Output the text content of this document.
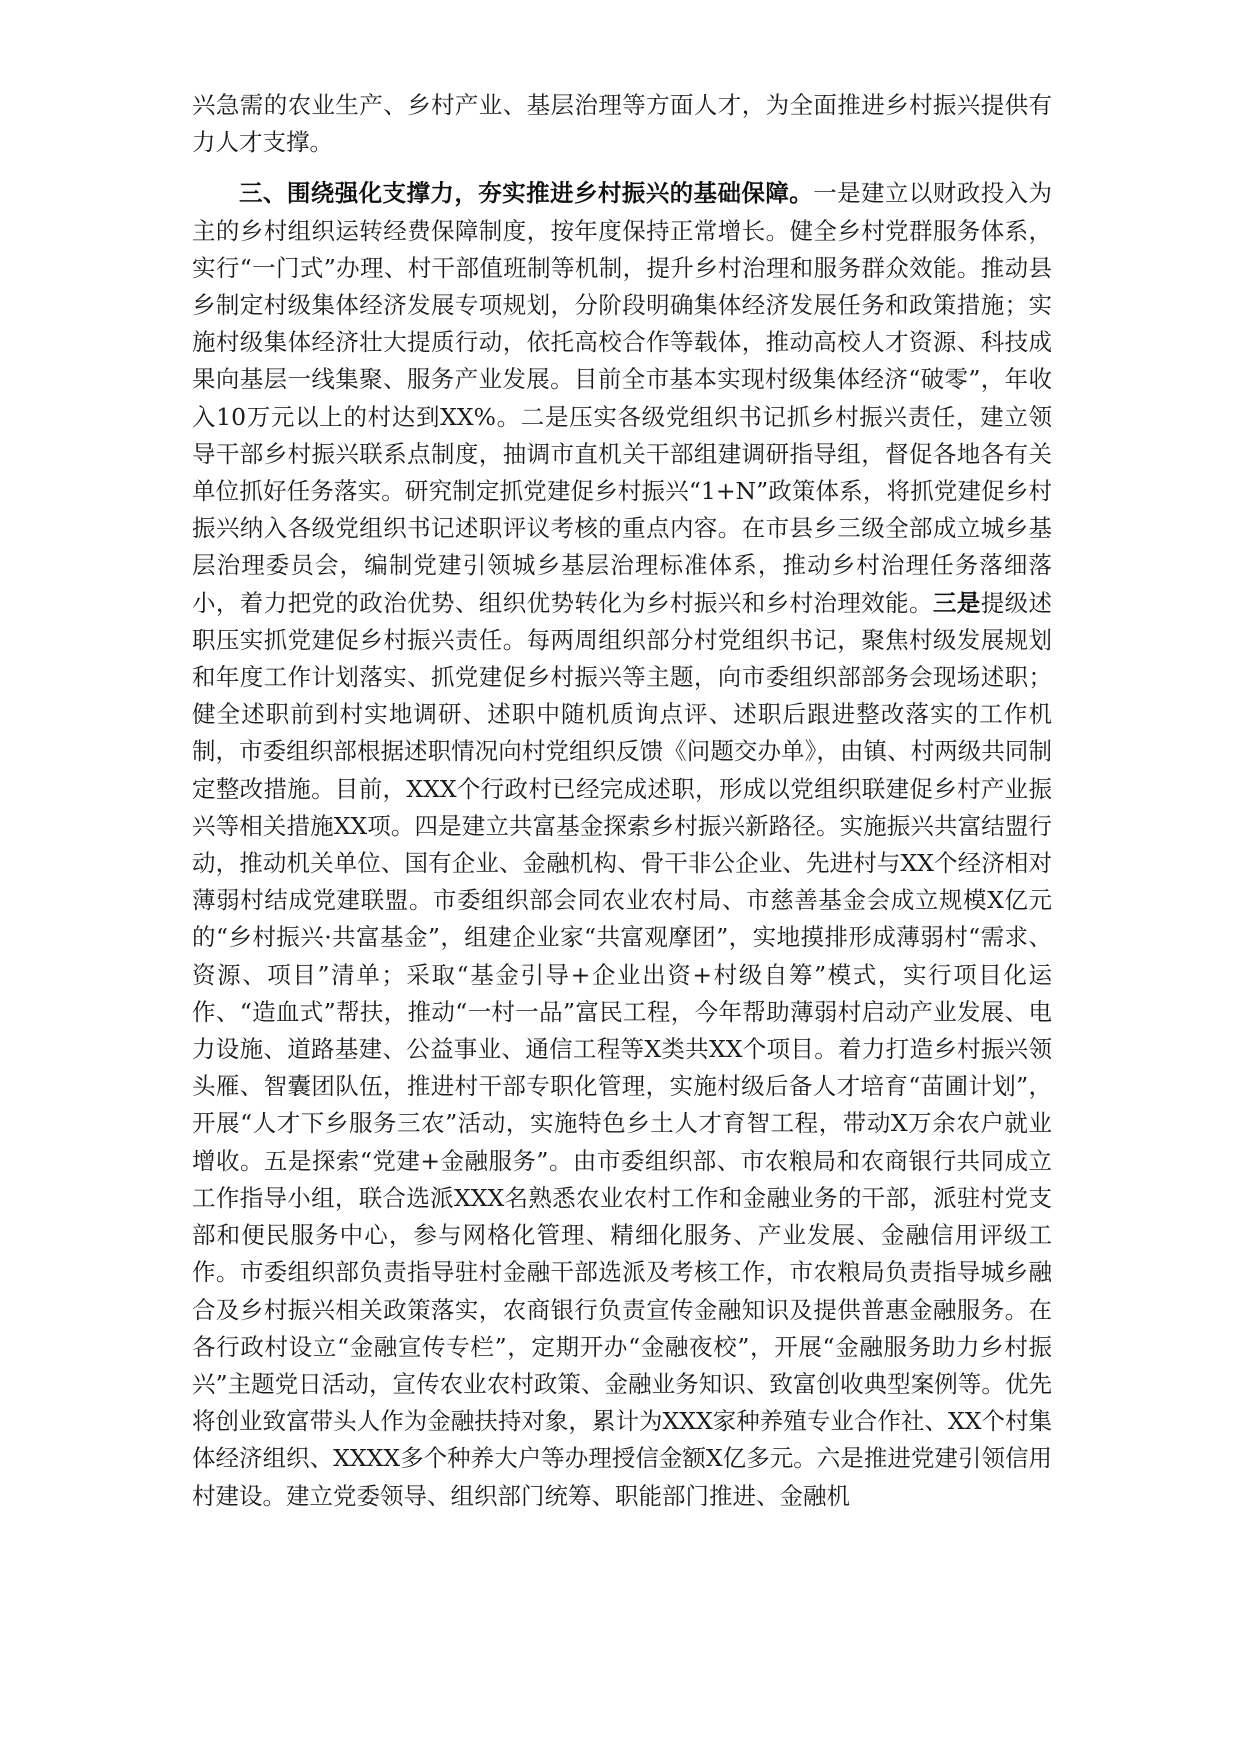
兴急需的农业生产、乡村产业、基层治理等方面人才，为全面推进乡村振兴提供有力人才支撑。

三、围绕强化支撑力，夯实推进乡村振兴的基础保障。一是建立以财政投入为主的乡村组织运转经费保障制度，按年度保持正常增长。健全乡村党群服务体系，实行“一门式”办理、村干部值班制等机制，提升乡村治理和服务群众效能。推动县乡制定村级集体经济发展专项规划，分阶段明确集体经济发展任务和政策措施；实施村级集体经济壮大提质行动，依托高校合作等载体，推动高校人才资源、科技成果向基层一线集聚、服务产业发展。目前全市基本实现村级集体经济“破零”，年收入10万元以上的村达到XX%。二是压实各级党组织书记抓乡村振兴责任，建立领导干部乡村振兴联系点制度，抽调市直机关干部组建调研指导组，督促各地各有关单位抓好任务落实。研究制定抓党建促乡村振兴“1+N”政策体系，将抓党建促乡村振兴纳入各级党组织书记述职评议考核的重点内容。在市县乡三级全部成立城乡基层治理委员会，编制党建引领城乡基层治理标准体系，推动乡村治理任务落细落小，着力把党的政治优势、组织优势转化为乡村振兴和乡村治理效能。三是提级述职压实抓党建促乡村振兴责任。每两周组织部分村党组织书记，聚焦村级发展规划和年度工作计划落实、抓党建促乡村振兴等主题，向市委组织部部务会现场述职；健全述职前到村实地调研、述职中随机质询点评、述职后跟进整改落实的工作机制，市委组织部根据述职情况向村党组织反馈《问题交办单》，由镇、村两级共同制定整改措施。目前，XXX个行政村已经完成述职，形成以党组织联建促乡村产业振兴等相关措施XX项。四是建立共富基金探索乡村振兴新路径。实施振兴共富结盟行动，推动机关单位、国有企业、金融机构、骨干非公企业、先进村与XX个经济相对薄弱村结成党建联盟。市委组织部会同农业农村局、市慈善基金会成立规模X亿元的“乡村振兴·共富基金”，组建企业家“共富观摩团”，实地摸排形成薄弱村“需求、资源、项目”清单；采取“基金引导+企业出资+村级自筹”模式，实行项目化运作、“造血式”帮扶，推动“一村一品”富民工程，今年帮助薄弱村启动产业发展、电力设施、道路基建、公益事业、通信工程等X类共XX个项目。着力打造乡村振兴领头雁、智囊团队伍，推进村干部专职化管理，实施村级后备人才培育“苗圃计划”，开展“人才下乡服务三农”活动，实施特色乡土人才育智工程，带动X万余农户就业增收。五是探索“党建+金融服务”。由市委组织部、市农粮局和农商银行共同成立工作指导小组，联合选派XXX名熟悉农业农村工作和金融业务的干部，派驻村党支部和便民服务中心，参与网格化管理、精细化服务、产业发展、金融信用评级工作。市委组织部负责指导驻村金融干部选派及考核工作，市农粮局负责指导城乡融合及乡村振兴相关政策落实，农商银行负责宣传金融知识及提供普惠金融服务。在各行政村设立“金融宣传专栏”，定期开办“金融夜校”，开展“金融服务助力乡村振兴”主题党日活动，宣传农业农村政策、金融业务知识、致富创收典型案例等。优先将创业致富带头人作为金融扶持对象，累计为XXX家种养殖专业合作社、XX个村集体经济组织、XXXX多个种养大户等办理授信金额X亿多元。六是推进党建引领信用村建设。建立党委领导、组织部门统筹、职能部门推进、金融机
